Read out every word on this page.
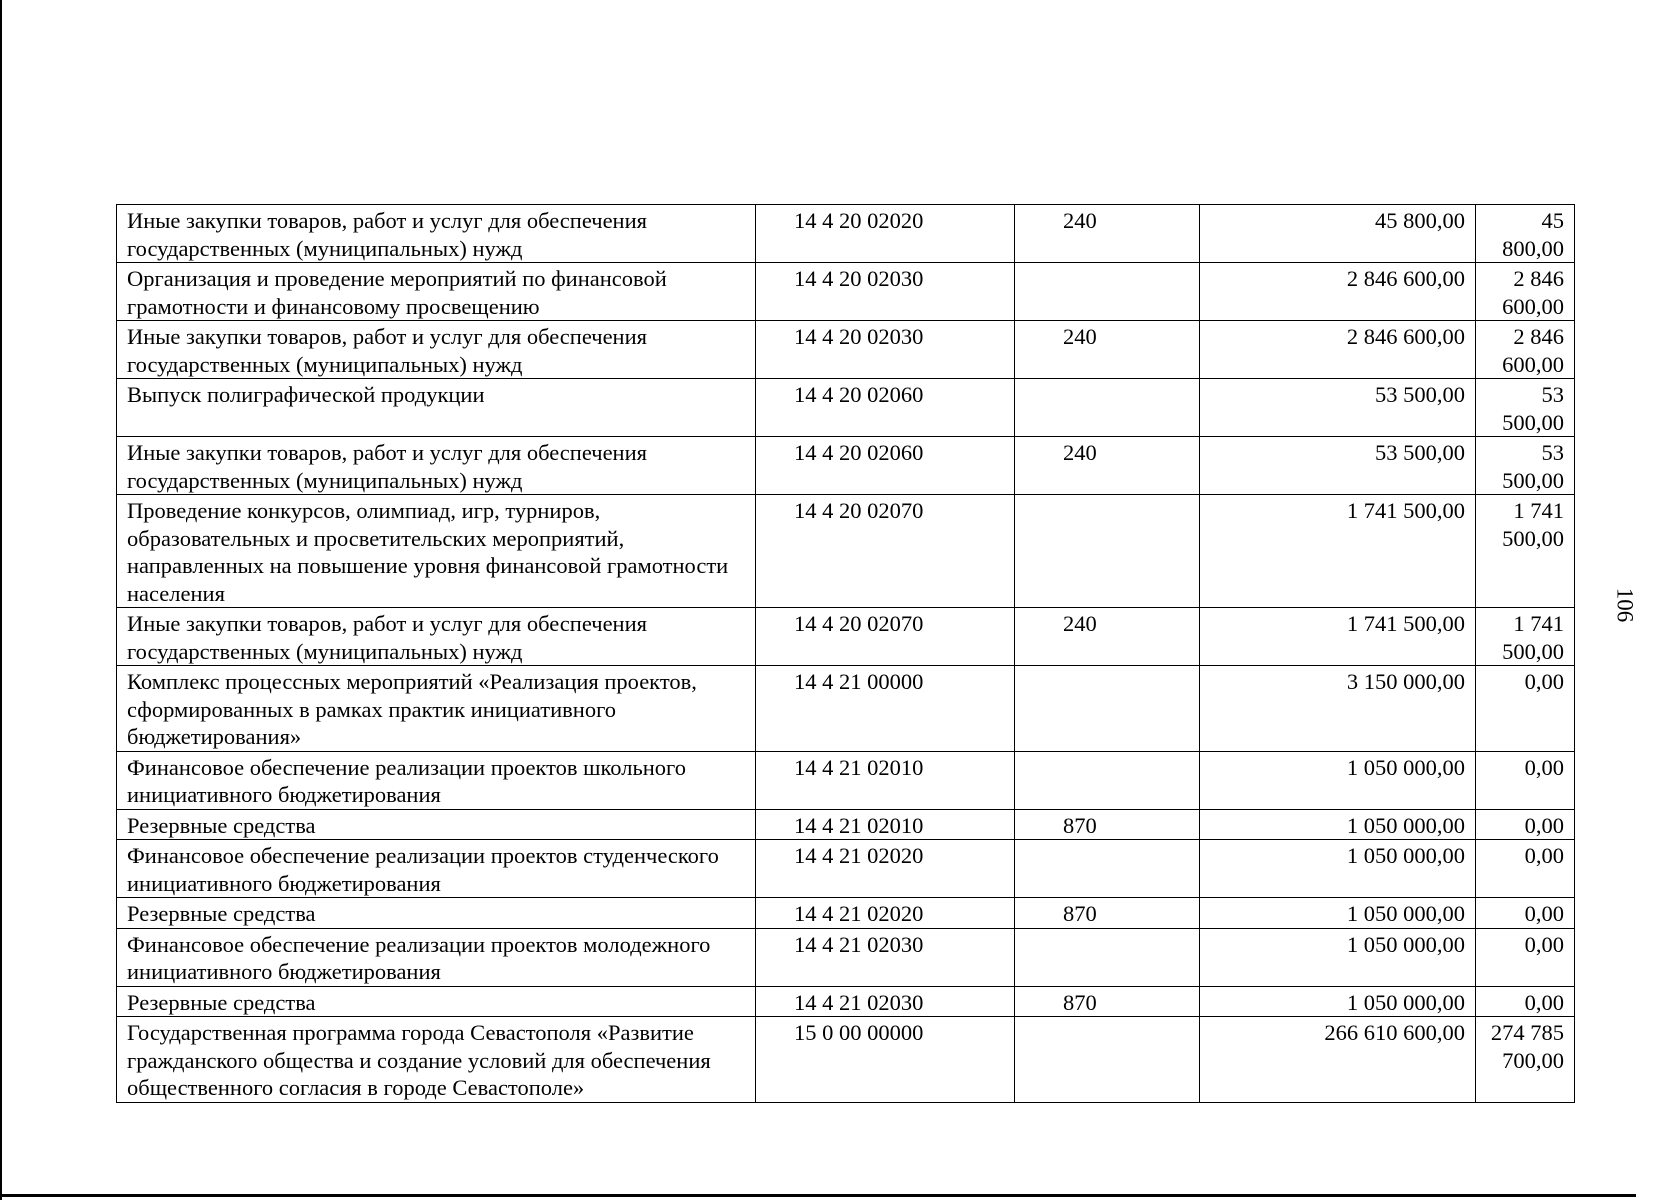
Иные закупки товаров, работ и услуг для обеспечения государственных (муниципальных) нужд	14 4 20 02020	240	45 800,00	45 800,00
Организация и проведение мероприятий по финансовой грамотности и финансовому просвещению	14 4 20 02030		2 846 600,00	2 846 600,00
Иные закупки товаров, работ и услуг для обеспечения государственных (муниципальных) нужд	14 4 20 02030	240	2 846 600,00	2 846 600,00
Выпуск полиграфической продукции	14 4 20 02060		53 500,00	53 500,00
Иные закупки товаров, работ и услуг для обеспечения государственных (муниципальных) нужд	14 4 20 02060	240	53 500,00	53 500,00
Проведение конкурсов, олимпиад, игр, турниров, образовательных и просветительских мероприятий, направленных на повышение уровня финансовой грамотности населения	14 4 20 02070		1 741 500,00	1 741 500,00
Иные закупки товаров, работ и услуг для обеспечения государственных (муниципальных) нужд	14 4 20 02070	240	1 741 500,00	1 741 500,00
Комплекс процессных мероприятий «Реализация проектов, сформированных в рамках практик инициативного бюджетирования»	14 4 21 00000		3 150 000,00	0,00
Финансовое обеспечение реализации проектов школьного инициативного бюджетирования	14 4 21 02010		1 050 000,00	0,00
Резервные средства	14 4 21 02010	870	1 050 000,00	0,00
Финансовое обеспечение реализации проектов студенческого инициативного бюджетирования	14 4 21 02020		1 050 000,00	0,00
Резервные средства	14 4 21 02020	870	1 050 000,00	0,00
Финансовое обеспечение реализации проектов молодежного инициативного бюджетирования	14 4 21 02030		1 050 000,00	0,00
Резервные средства	14 4 21 02030	870	1 050 000,00	0,00
Государственная программа города Севастополя «Развитие гражданского общества и создание условий для обеспечения общественного согласия в городе Севастополе»	15 0 00 00000		266 610 600,00	274 785 700,00
106
